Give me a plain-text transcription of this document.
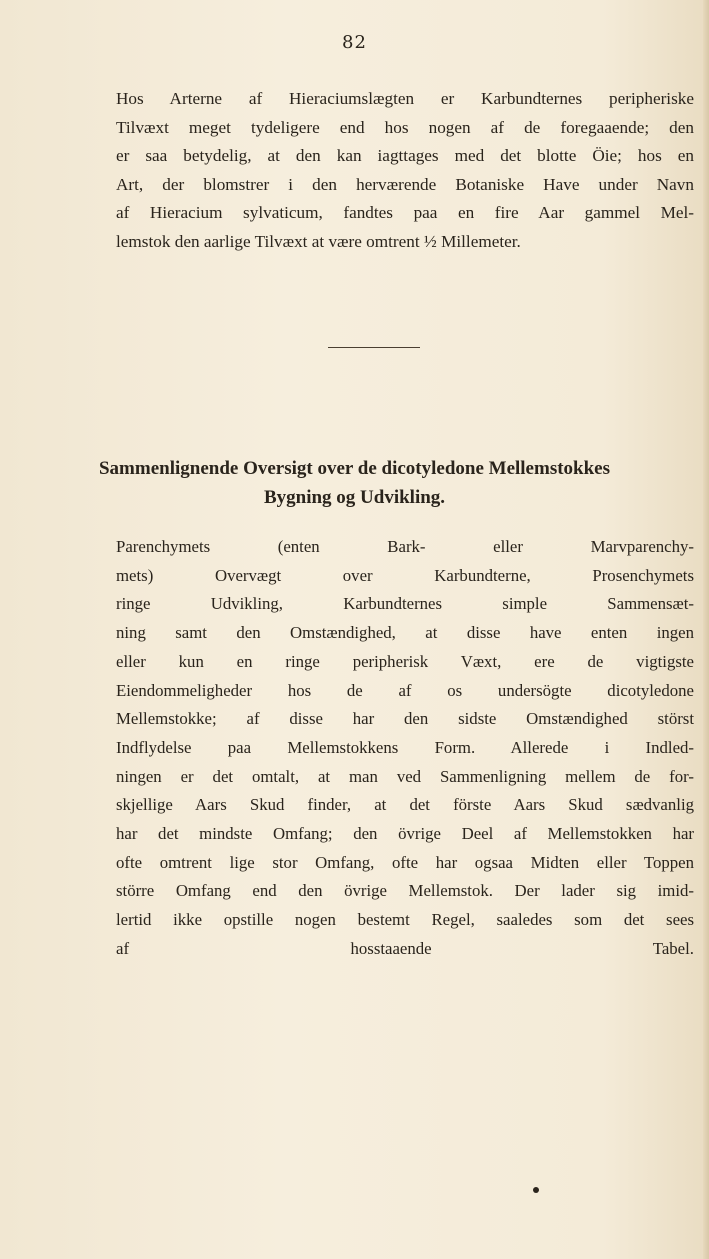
82
Hos Arterne af Hieraciumslægten er Karbundternes peripheriske
Tilvæxt meget tydeligere end hos nogen af de foregaaende; den
er saa betydelig, at den kan iagttages med det blotte Öie; hos en
Art, der blomstrer i den herværende Botaniske Have under Navn
af Hieracium sylvaticum, fandtes paa en fire Aar gammel Mel-
lemstok den aarlige Tilvæxt at være omtrent ½ Millemeter.
Sammenlignende Oversigt over de dicotyledone Mellemstokkes
Bygning og Udvikling.
Parenchymets (enten Bark- eller Marvparenchy-
mets) Overvægt over Karbundterne, Prosenchymets
ringe Udvikling, Karbundternes simple Sammensæt-
ning samt den Omstændighed, at disse have enten ingen
eller kun en ringe peripherisk Væxt, ere de vigtigste
Eiendommeligheder hos de af os undersögte dicotyledone
Mellemstokke; af disse har den sidste Omstændighed störst
Indflydelse paa Mellemstokkens Form. Allerede i Indled-
ningen er det omtalt, at man ved Sammenligning mellem de for-
skjellige Aars Skud finder, at det förste Aars Skud sædvanlig
har det mindste Omfang; den övrige Deel af Mellemstokken har
ofte omtrent lige stor Omfang, ofte har ogsaa Midten eller Toppen
större Omfang end den övrige Mellemstok. Der lader sig imid-
lertid ikke opstille nogen bestemt Regel, saaledes som det sees
af hosstaaende Tabel.
